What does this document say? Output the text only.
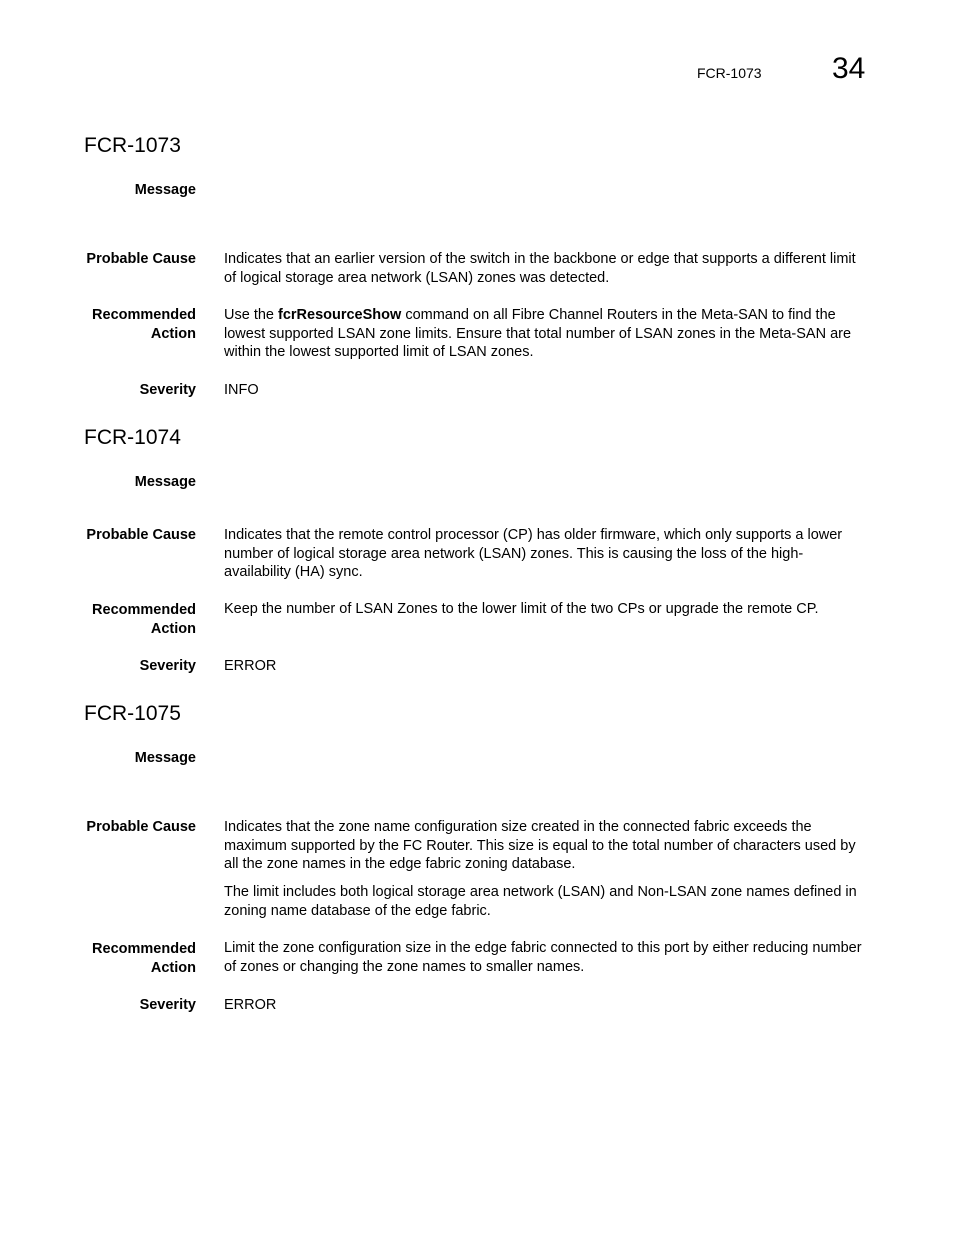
FCR-1073 34
FCR-1073
Message
Probable Cause Indicates that an earlier version of the switch in the backbone or edge that supports a different limit of logical storage area network (LSAN) zones was detected.
Recommended
Action
Use the fcrResourceShow command on all Fibre Channel Routers in the Meta-SAN to find the lowest supported LSAN zone limits. Ensure that total number of LSAN zones in the Meta-SAN are within the lowest supported limit of LSAN zones.
Severity INFO
FCR-1074
Message
Probable Cause Indicates that the remote control processor (CP) has older firmware, which only supports a lower number of logical storage area network (LSAN) zones. This is causing the loss of the high-availability (HA) sync.
Recommended
Action
Keep the number of LSAN Zones to the lower limit of the two CPs or upgrade the remote CP.
Severity ERROR
FCR-1075
Message
Probable Cause Indicates that the zone name configuration size created in the connected fabric exceeds the maximum supported by the FC Router. This size is equal to the total number of characters used by all the zone names in the edge fabric zoning database.
The limit includes both logical storage area network (LSAN) and Non-LSAN zone names defined in zoning name database of the edge fabric.
Recommended
Action
Limit the zone configuration size in the edge fabric connected to this port by either reducing number of zones or changing the zone names to smaller names.
Severity ERROR
